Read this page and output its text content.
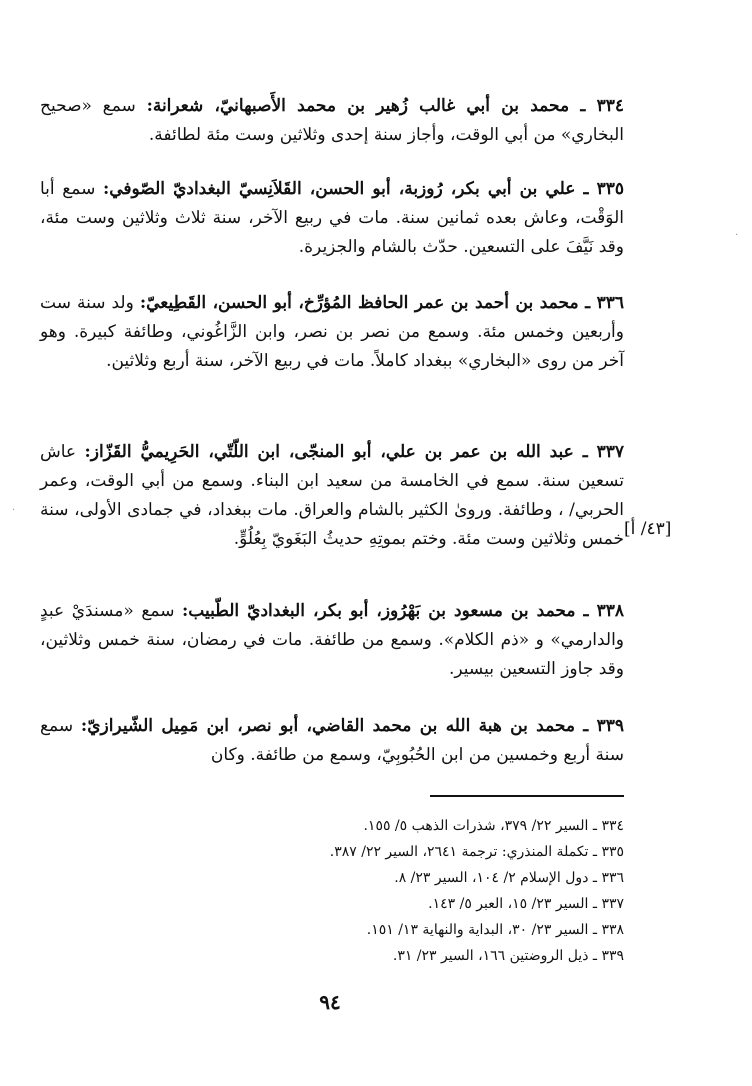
٣٣٤ ـ محمد بن أبي غالب زُهير بن محمد الأَصبهانيّ، شعرانة: سمع «صحيح البخاري» من أبي الوقت، وأجاز سنة إحدى وثلاثين وست مئة لطائفة.

٣٣٥ ـ علي بن أبي بكر، رُوزبة، أبو الحسن، القَلاَنِسيّ البغداديّ الصّوفي: سمع أبا الوَقْت، وعاش بعده ثمانين سنة. مات في ربيع الآخر، سنة ثلاث وثلاثين وست مئة، وقد نَيَّفَ على التسعين. حدّث بالشام والجزيرة.

٣٣٦ ـ محمد بن أحمد بن عمر الحافظ المُؤرِّخ، أبو الحسن، القَطِيعيّ: ولد سنة ست وأربعين وخمس مئة. وسمع من نصر بن نصر، وابن الزَّاغُوني، وطائفة كبيرة. وهو آخر من روى «البخاري» ببغداد كاملاً. مات في ربيع الآخر، سنة أربع وثلاثين.

٣٣٧ ـ عبد الله بن عمر بن علي، أبو المنجّى، ابن اللّتّي، الحَرِيميُّ القَزّاز: عاش تسعين سنة. سمع في الخامسة من سعيد ابن البناء. وسمع من أبي الوقت، وعمر الحربي/ ، وطائفة. وروىٰ الكثير بالشام والعراق. مات ببغداد، في جمادى الأولى، سنة خمس وثلاثين وست مئة. وختم بموتِهِ حديثُ البَغَويّ بِعُلُوٍّ. [٤٣/ أ]

٣٣٨ ـ محمد بن مسعود بن بَهْرُوز، أبو بكر، البغداديّ الطّبيب: سمع «مسندَيْ عبدٍ والدارمي» و «ذم الكلام». وسمع من طائفة. مات في رمضان، سنة خمس وثلاثين، وقد جاوز التسعين بيسير.

٣٣٩ ـ محمد بن هبة الله بن محمد القاضي، أبو نصر، ابن مَمِيل الشّيرازيّ: سمع سنة أربع وخمسين من ابن الحُبُوبِيّ، وسمع من طائفة. وكان

٣٣٤ ـ السير ٢٢/ ٣٧٩، شذرات الذهب ٥/ ١٥٥.
٣٣٥ ـ تكملة المنذري: ترجمة ٢٦٤١، السير ٢٢/ ٣٨٧.
٣٣٦ ـ دول الإسلام ٢/ ١٠٤، السير ٢٣/ ٨.
٣٣٧ ـ السير ٢٣/ ١٥، العبر ٥/ ١٤٣.
٣٣٨ ـ السير ٢٣/ ٣٠، البداية والنهاية ١٣/ ١٥١.
٣٣٩ ـ ذيل الروضتين ١٦٦، السير ٢٣/ ٣١.
٩٤
·
·
